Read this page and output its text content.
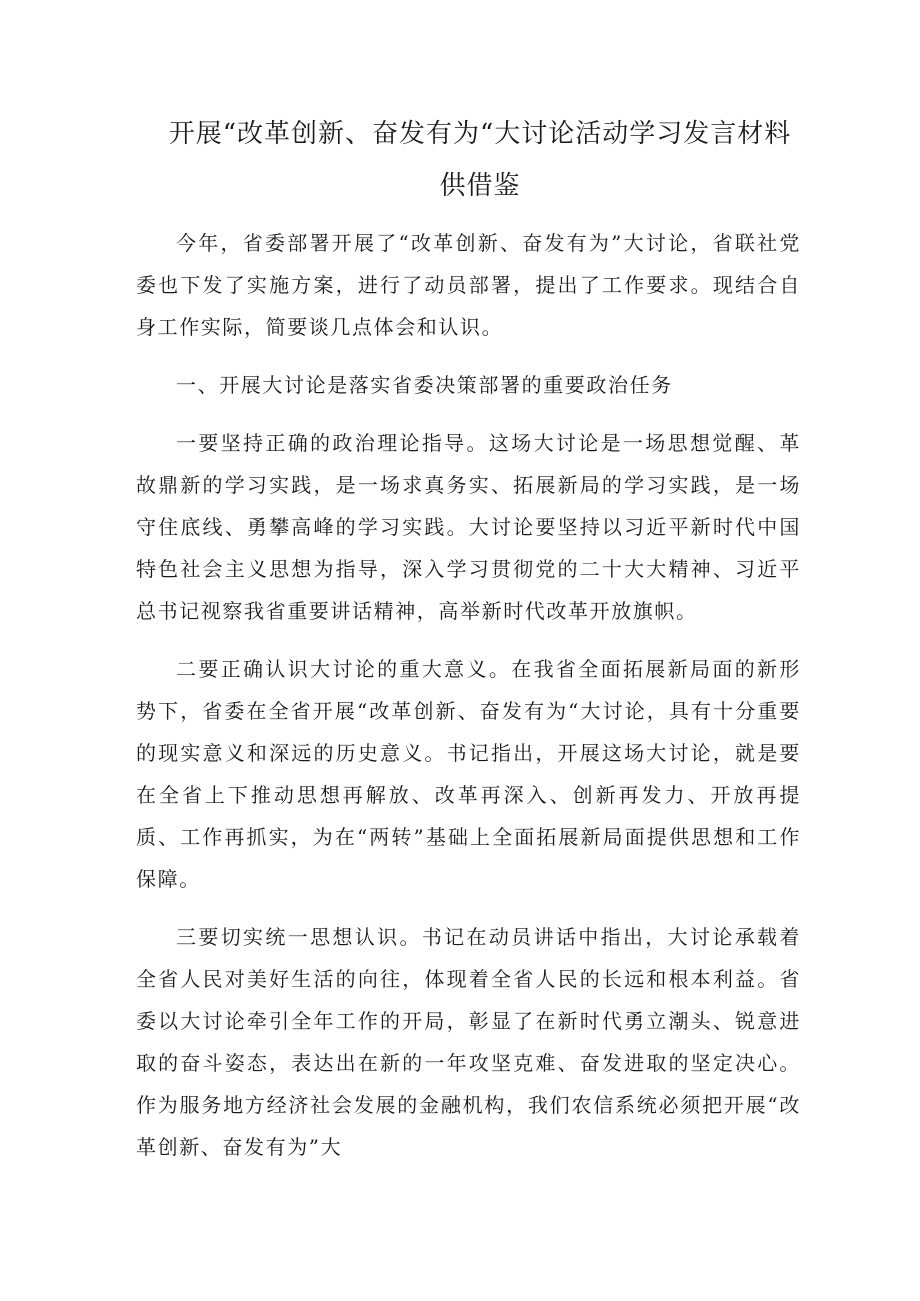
开展“改革创新、奋发有为“大讨论活动学习发言材料
供借鉴

今年，省委部署开展了“改革创新、奋发有为”大讨论，省联社党委也下发了实施方案，进行了动员部署，提出了工作要求。现结合自身工作实际，简要谈几点体会和认识。

一、开展大讨论是落实省委决策部署的重要政治任务

一要坚持正确的政治理论指导。这场大讨论是一场思想觉醒、革故鼎新的学习实践，是一场求真务实、拓展新局的学习实践，是一场守住底线、勇攀高峰的学习实践。大讨论要坚持以习近平新时代中国特色社会主义思想为指导，深入学习贯彻党的二十大大精神、习近平总书记视察我省重要讲话精神，高举新时代改革开放旗帜。

二要正确认识大讨论的重大意义。在我省全面拓展新局面的新形势下，省委在全省开展“改革创新、奋发有为“大讨论，具有十分重要的现实意义和深远的历史意义。书记指出，开展这场大讨论，就是要在全省上下推动思想再解放、改革再深入、创新再发力、开放再提质、工作再抓实，为在“两转”基础上全面拓展新局面提供思想和工作保障。

三要切实统一思想认识。书记在动员讲话中指出，大讨论承载着全省人民对美好生活的向往，体现着全省人民的长远和根本利益。省委以大讨论牵引全年工作的开局，彰显了在新时代勇立潮头、锐意进取的奋斗姿态，表达出在新的一年攻坚克难、奋发进取的坚定决心。作为服务地方经济社会发展的金融机构，我们农信系统必须把开展“改革创新、奋发有为”大
